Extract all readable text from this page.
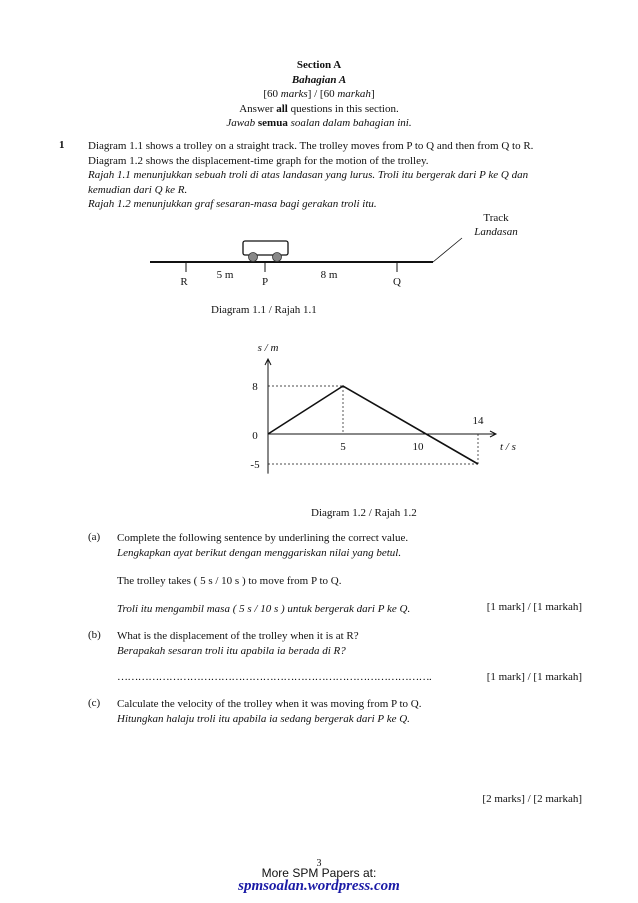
Section A
Bahagian A
[60 marks] / [60 markah]
Answer all questions in this section.
Jawab semua soalan dalam bahagian ini.
1 Diagram 1.1 shows a trolley on a straight track. The trolley moves from P to Q and then from Q to R.
Diagram 1.2 shows the displacement-time graph for the motion of the trolley.
Rajah 1.1 menunjukkan sebuah troli di atas landasan yang lurus. Troli itu bergerak dari P ke Q dan
kemudian dari Q ke R.
Rajah 1.2 menunjukkan graf sesaran-masa bagi gerakan troli itu.
Track
Landasan
R
5 m
P
8 m
Q
Diagram 1.1 / Rajah 1.1
s / m
t / s
8
0
-5
5	10
14
Diagram 1.2 / Rajah 1.2
(a) Complete the following sentence by underlining the correct value.
Lengkapkan ayat berikut dengan menggariskan nilai yang betul.
The trolley takes ( 5 s / 10 s ) to move from P to Q.
Troli itu mengambil masa ( 5 s / 10 s ) untuk bergerak dari P ke Q.	[1 mark] / [1 markah]
(b) What is the displacement of the trolley when it is at R?
Berapakah sesaran troli itu apabila ia berada di R?
……………………………………………………………………………….	[1 mark] / [1 markah]
(c) Calculate the velocity of the trolley when it was moving from P to Q.
Hitungkan halaju troli itu apabila ia sedang bergerak dari P ke Q.
[2 marks] / [2 markah]
3
More SPM Papers at:
spmsoalan.wordpress.com
